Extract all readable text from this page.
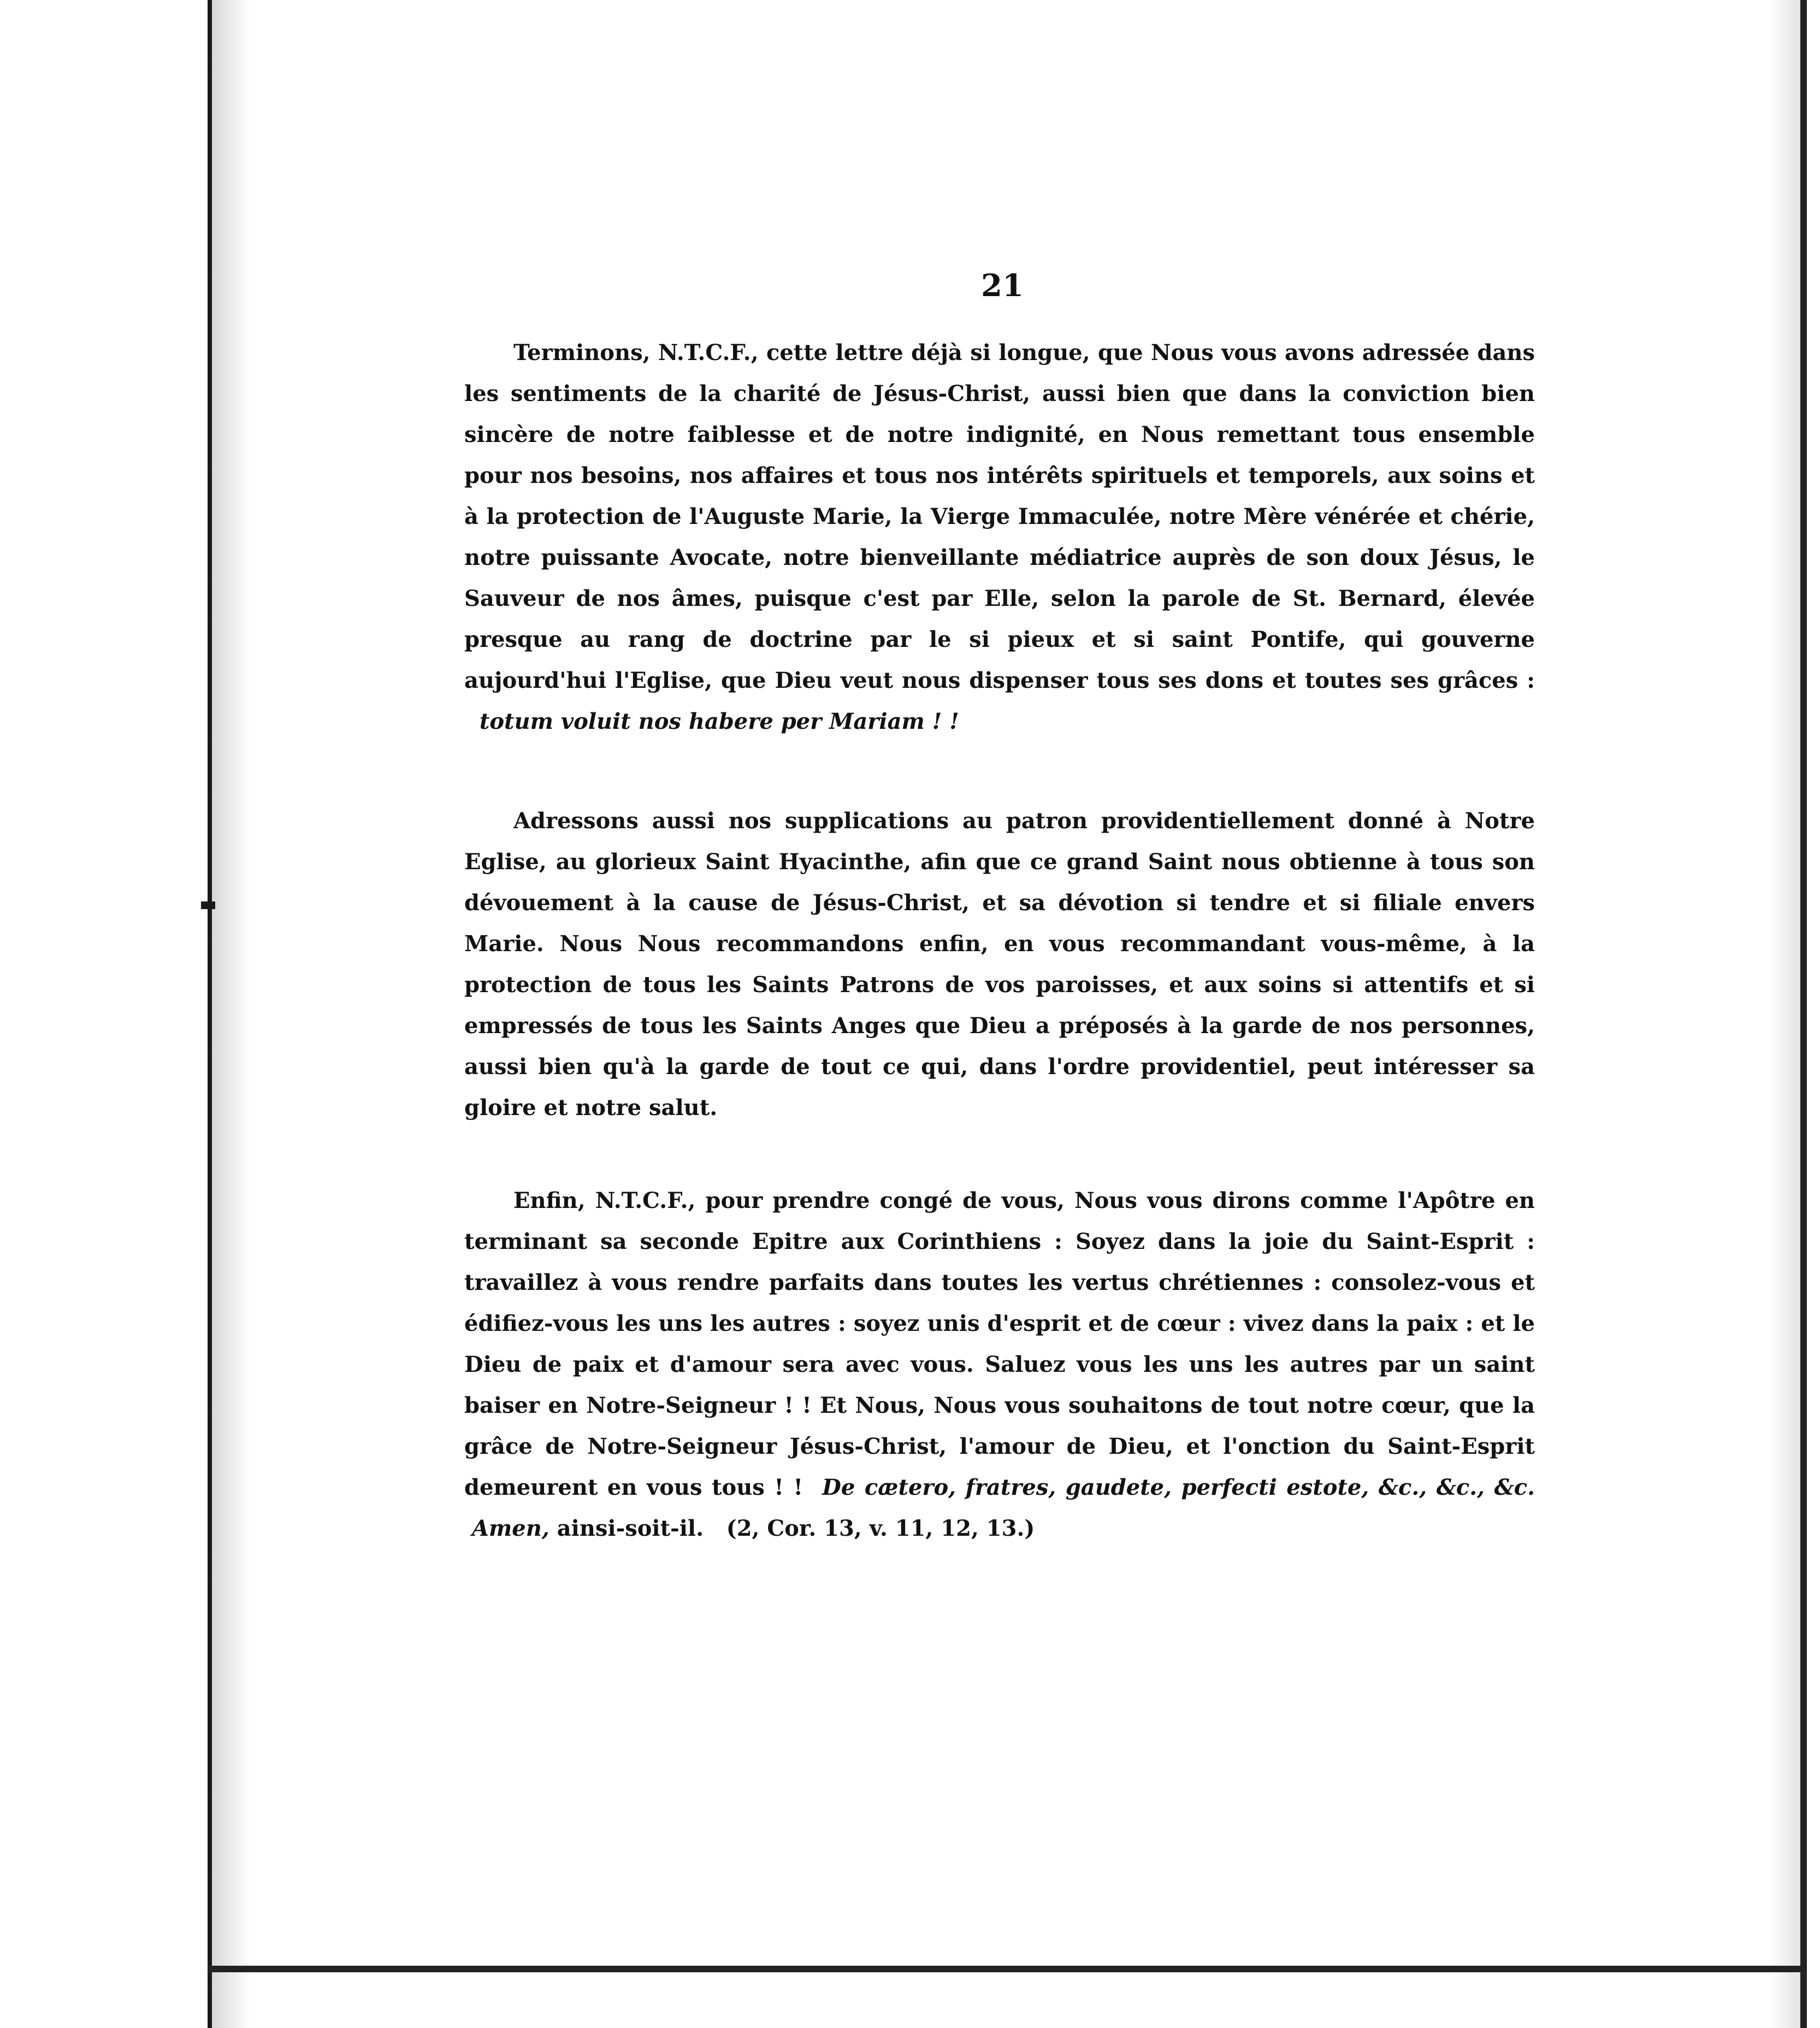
21

Terminons, N.T.C.F., cette lettre déjà si longue, que Nous vous avons adressée dans les sentiments de la charité de Jésus-Christ, aussi bien que dans la conviction bien sincère de notre faiblesse et de notre indignité, en Nous remettant tous ensemble pour nos besoins, nos affaires et tous nos intérêts spirituels et temporels, aux soins et à la protection de l'Auguste Marie, la Vierge Immaculée, notre Mère vénérée et chérie, notre puissante Avocate, notre bienveillante médiatrice auprès de son doux Jésus, le Sauveur de nos âmes, puisque c'est par Elle, selon la parole de St. Bernard, élevée presque au rang de doctrine par le si pieux et si saint Pontife, qui gouverne aujourd'hui l'Eglise, que Dieu veut nous dispenser tous ses dons et toutes ses grâces :   totum voluit nos habere per Mariam ! !

Adressons aussi nos supplications au patron providentiellement donné à Notre Eglise, au glorieux Saint Hyacinthe, afin que ce grand Saint nous obtienne à tous son dévouement à la cause de Jésus-Christ, et sa dévotion si tendre et si filiale envers Marie. Nous Nous recommandons enfin, en vous recommandant vous-même, à la protection de tous les Saints Patrons de vos paroisses, et aux soins si attentifs et si empressés de tous les Saints Anges que Dieu a préposés à la garde de nos personnes, aussi bien qu'à la garde de tout ce qui, dans l'ordre providentiel, peut intéresser sa gloire et notre salut.

Enfin, N.T.C.F., pour prendre congé de vous, Nous vous dirons comme l'Apôtre en terminant sa seconde Epitre aux Corinthiens : Soyez dans la joie du Saint-Esprit : travaillez à vous rendre parfaits dans toutes les vertus chrétiennes : consolez-vous et édifiez-vous les uns les autres : soyez unis d'esprit et de cœur : vivez dans la paix : et le Dieu de paix et d'amour sera avec vous. Saluez vous les uns les autres par un saint baiser en Notre-Seigneur ! ! Et Nous, Nous vous souhaitons de tout notre cœur, que la grâce de Notre-Seigneur Jésus-Christ, l'amour de Dieu, et l'onction du Saint-Esprit demeurent en vous tous ! ! De cætero, fratres, gaudete, perfecti estote, &c., &c., &c.  Amen, ainsi-soit-il. (2, Cor. 13, v. 11, 12, 13.)
